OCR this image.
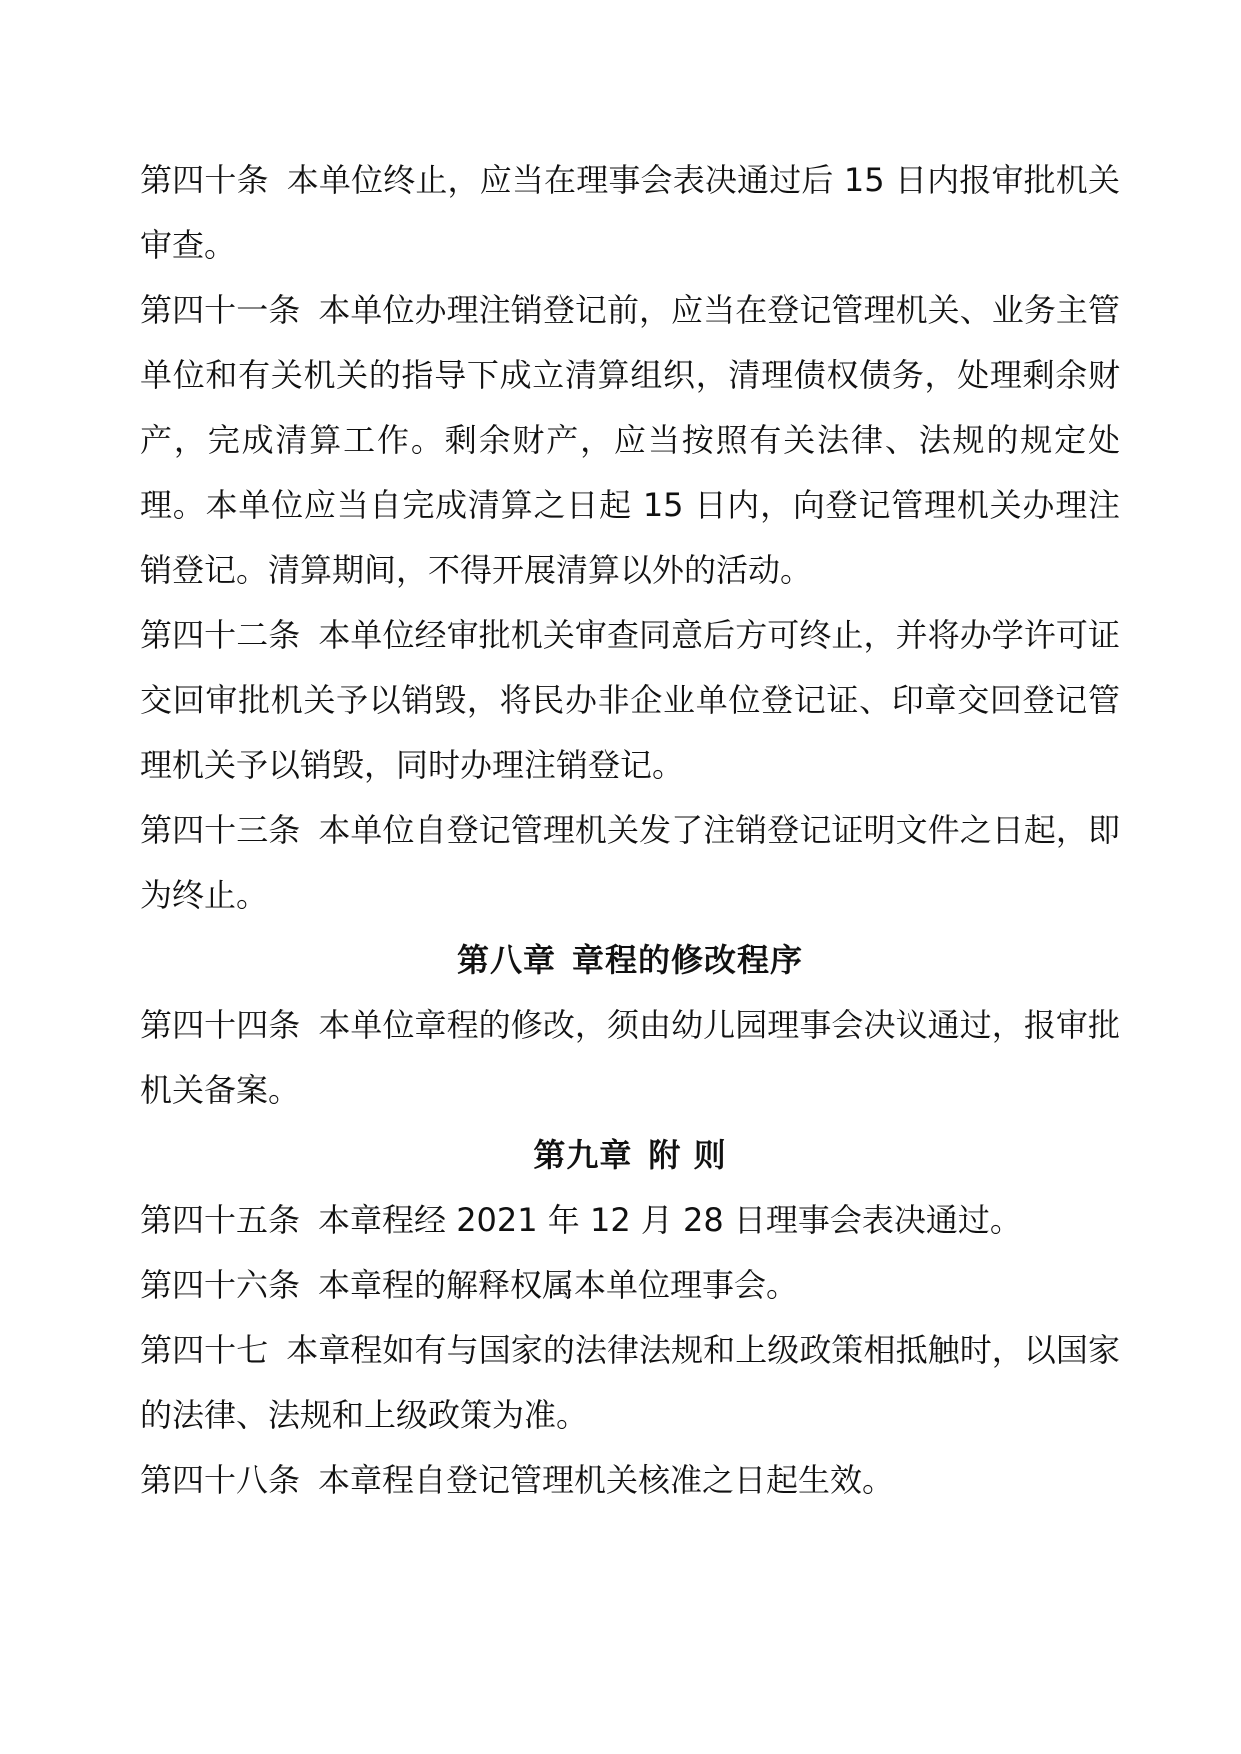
第四十条 本单位终止，应当在理事会表决通过后 15 日内报审批机关审查。

第四十一条 本单位办理注销登记前，应当在登记管理机关、业务主管单位和有关机关的指导下成立清算组织，清理债权债务，处理剩余财产，完成清算工作。剩余财产，应当按照有关法律、法规的规定处理。本单位应当自完成清算之日起 15 日内，向登记管理机关办理注销登记。清算期间，不得开展清算以外的活动。

第四十二条 本单位经审批机关审查同意后方可终止，并将办学许可证交回审批机关予以销毁，将民办非企业单位登记证、印章交回登记管理机关予以销毁，同时办理注销登记。

第四十三条 本单位自登记管理机关发了注销登记证明文件之日起，即为终止。

第八章 章程的修改程序

第四十四条 本单位章程的修改，须由幼儿园理事会决议通过，报审批机关备案。

第九章 附 则

第四十五条 本章程经 2021 年 12 月 28 日理事会表决通过。

第四十六条 本章程的解释权属本单位理事会。

第四十七 本章程如有与国家的法律法规和上级政策相抵触时，以国家的法律、法规和上级政策为准。

第四十八条 本章程自登记管理机关核准之日起生效。
